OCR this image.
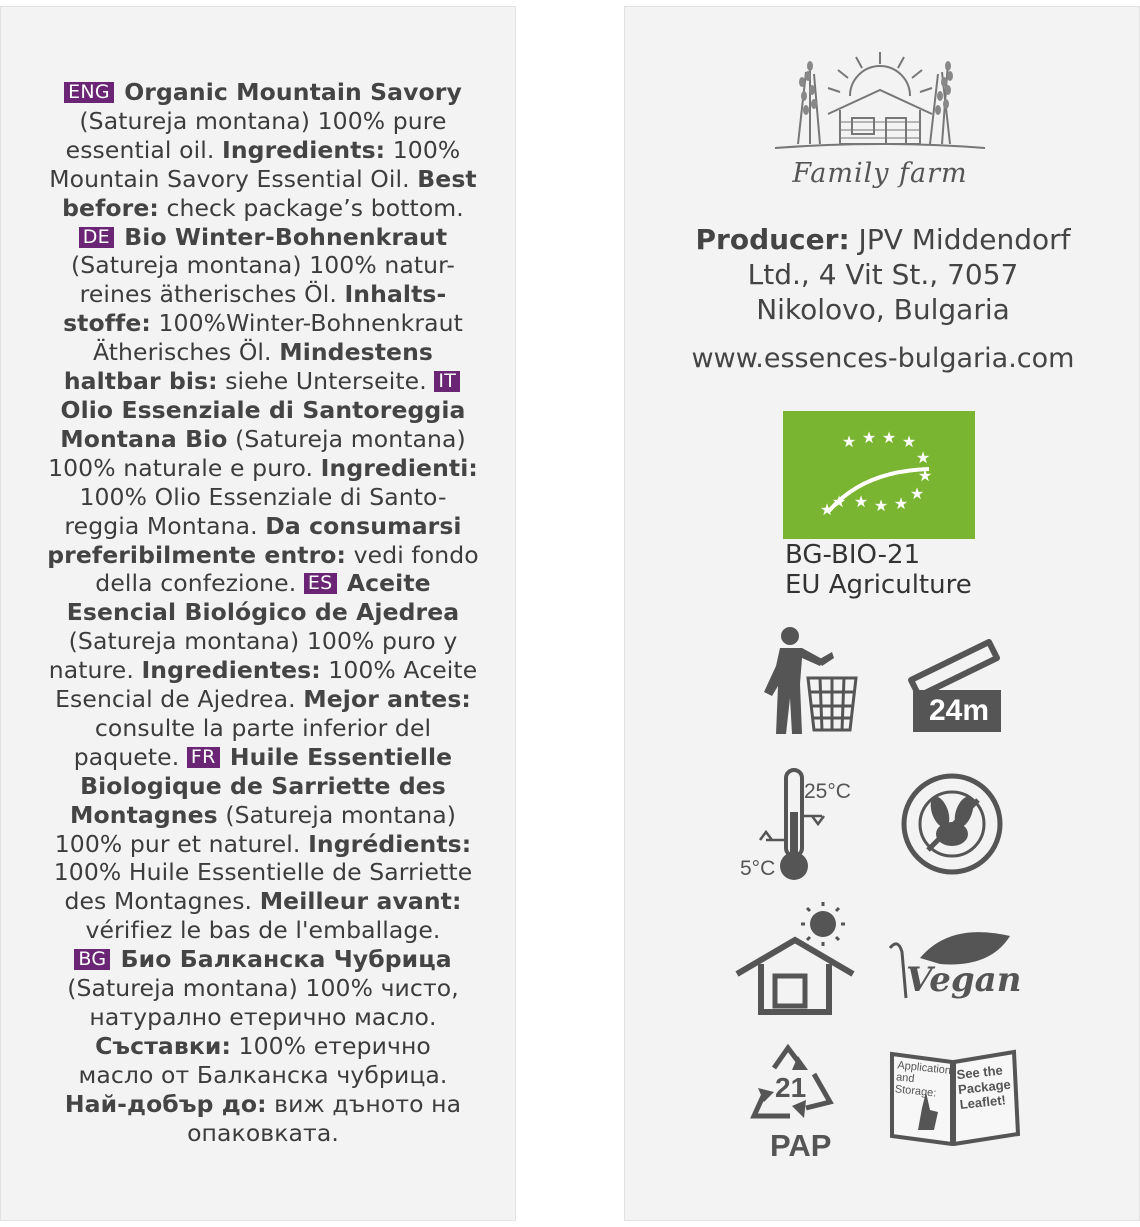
ENG Organic Mountain Savory
(Satureja montana) 100% pure
essential oil. Ingredients: 100%
Mountain Savory Essential Oil. Best
before: check package’s bottom.
DE Bio Winter-Bohnenkraut
(Satureja montana) 100% natur-
reines ätherisches Öl. Inhalts-
stoffe: 100%Winter-Bohnenkraut
Ätherisches Öl. Mindestens
haltbar bis: siehe Unterseite. IT
Olio Essenziale di Santoreggia
Montana Bio (Satureja montana)
100% naturale e puro. Ingredienti:
100% Olio Essenziale di Santo-
reggia Montana. Da consumarsi
preferibilmente entro: vedi fondo
della confezione. ES Aceite
Esencial Biológico de Ajedrea
(Satureja montana) 100% puro y
nature. Ingredientes: 100% Aceite
Esencial de Ajedrea. Mejor antes:
consulte la parte inferior del
paquete. FR Huile Essentielle
Biologique de Sarriette des
Montagnes (Satureja montana)
100% pur et naturel. Ingrédients:
100% Huile Essentielle de Sarriette
des Montagnes. Meilleur avant:
vérifiez le bas de l'emballage.
BG Био Балканска Чубрица
(Satureja montana) 100% чисто,
натурално етерично масло.
Съставки: 100% етерично
масло от Балканска чубрица.
Най-добър до: виж дъното на
опаковката.
Family farm
Producer: JPV Middendorf
Ltd., 4 Vit St., 7057
Nikolovo, Bulgaria
www.essences-bulgaria.com
★ ★ ★ ★
★
★
★
★
★
★
★
★
BG-BIO-21
EU Agriculture
24m
25°C
5°C
Vegan
21
PAP
Application and Storage:
See the Package Leaflet!
